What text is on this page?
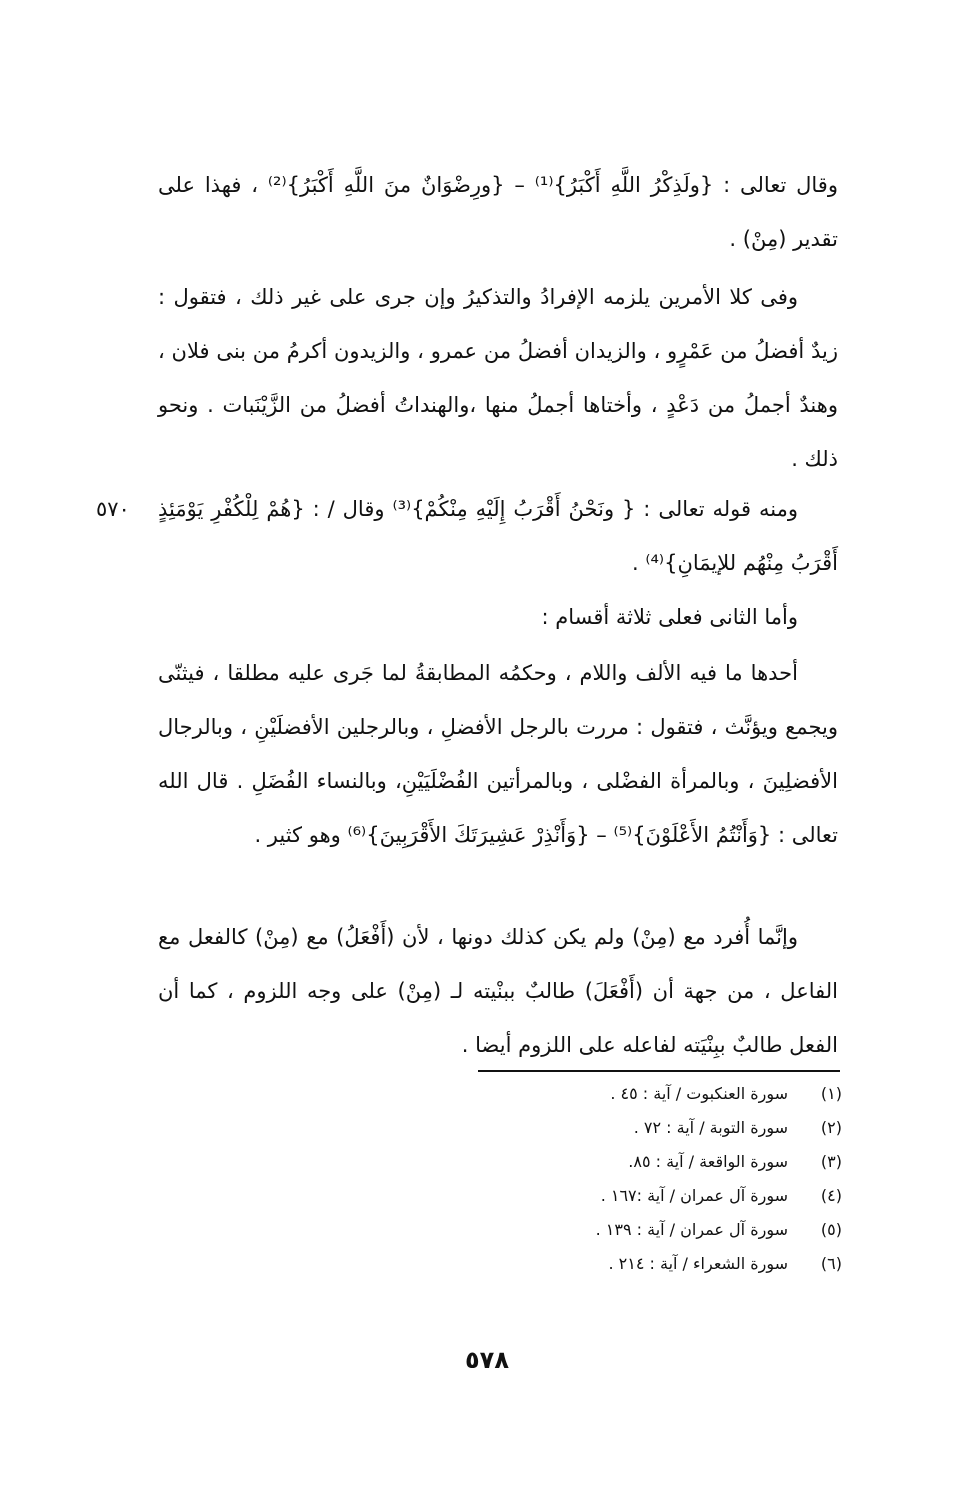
وقال تعالى : {ولَذِكْرُ اللَّهِ أَكْبَرُ}⁽¹⁾ – {ورِضْوَانٌ منَ اللَّهِ أَكْبَرُ}⁽²⁾ ، فهذا على تقدير (مِنْ) .

وفى كلا الأمرين يلزمه الإفرادُ والتذكيرُ وإن جرى على غير ذلك ، فتقول : زيدٌ أفضلُ من عَمْرٍو ، والزيدان أفضلُ من عمرو ، والزيدون أكرمُ من بنى فلان ، وهندٌ أجملُ من دَعْدٍ ، وأختاها أجملُ منها ،والهنداتُ أفضلُ من الزَّيْنَبات . ونحو ذلك .

٥٧٠ ومنه قوله تعالى : { ونَحْنُ أَقْرَبُ إِلَيْهِ مِنْكُمْ}⁽³⁾ وقال / : {هُمْ لِلْكُفْرِ يَوْمَئِذٍ أَقْرَبُ مِنْهُم للإيمَانِ}⁽⁴⁾ .

وأما الثانى فعلى ثلاثة أقسام :

أحدها ما فيه الألف واللام ، وحكمُه المطابقةُ لما جَرى عليه مطلقا ، فيثنّى ويجمع ويؤنَّث ، فتقول : مررت بالرجل الأفضلِ ، وبالرجلين الأفضلَيْنِ ، وبالرجال الأفضلِينَ ، وبالمرأة الفضْلى ، وبالمرأتين الفُضْلَيَيْنِ، وبالنساء الفُضَلِ . قال الله تعالى : {وَأَنْتُمُ الأَعْلَوْنَ}⁽⁵⁾ – {وَأَنْذِرْ عَشِيرَتَكَ الأَقْرَبِينَ}⁽⁶⁾ وهو كثير .

وإنَّما أُفرد مع (مِنْ) ولم يكن كذلك دونها ، لأن (أَفْعَلُ) مع (مِنْ) كالفعل مع الفاعل ، من جهة أن (أَفْعَلَ) طالبٌ ببنْيته لـ (مِنْ) على وجه اللزوم ، كما أن الفعل طالبٌ ببِنْيَته لفاعله على اللزوم أيضا .

(١)
سورة العنكبوت / آية : ٤٥ .
(٢)
سورة التوبة / آية : ٧٢ .
(٣)
سورة الواقعة / آية : ٨٥.
(٤)
سورة آل عمران / آية :١٦٧ .
(٥)
سورة آل عمران / آية : ١٣٩ .
(٦)
سورة الشعراء / آية : ٢١٤ .
٥٧٨
